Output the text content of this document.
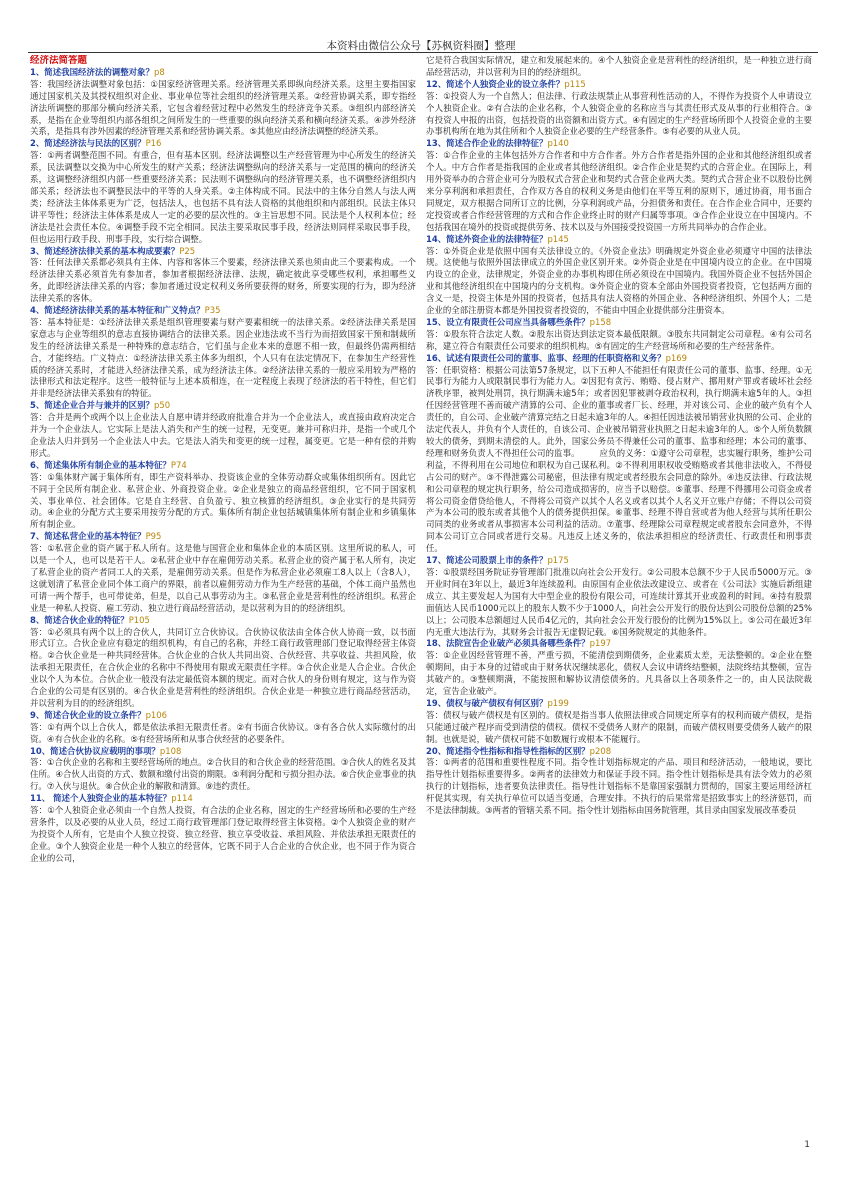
本资料由微信公众号【苏枫资料圈】整理
经济法简答题
1、简述我国经济法的调整对象？p8
答：我国经济法调整对象包括：①国家经济管理关系。经济管理关系即纵向经济关系。这里主要指国家通过国家机关及其授权组织对企业、事业单位等社会组织的经济管理关系。②经营协调关系，即专指经济法所调整的那部分横向经济关系，它包含着经营过程中必然发生的经济竞争关系。③组织内部经济关系，是指在企业等组织内部各组织之间所发生的一些重要的纵向经济关系和横向经济关系。④涉外经济关系，是指具有涉外因素的经济管理关系和经营协调关系。⑤其他应由经济法调整的经济关系。
2、简述经济法与民法的区别？P16
答：①两者调整范围不同。有重合，但有基本区别。经济法调整以生产经营管理为中心所发生的经济关系，民法调整以交换为中心所发生的财产关系；经济法调整纵向的经济关系与一定范围的横向的经济关系，这调整经济组织内部一些重要经济关系；民法则不调整纵向的经济管理关系，也不调整经济组织内部关系；经济法也不调整民法中的平等的人身关系。②主体构成不同。民法中的主体分自然人与法人两类；经济法主体体系更为广泛，包括法人，也包括不具有法人资格的其他组织和内部组织。民法主体只讲平等性；经济法主体体系是成人一定的必要的层次性的。③主旨思想不同。民法是个人权利本位；经济法是社会责任本位。④调整手段不完全相同。民法主要采取民事手段，经济法则同样采取民事手段，但也运用行政手段、刑事手段，实行综合调整。
3、简述经济法律关系的基本构成要素？P25
答：任何法律关系都必须具有主体、内容和客体三个要素，经济法律关系也须由此三个要素构成。一个经济法律关系必须首先有参加者，参加者根据经济法律、法规，确定彼此享受哪些权利，承担哪些义务，此即经济法律关系的内容；参加者通过设定权利义务所要获得的财务，所要实现的行为，即为经济法律关系的客体。
4、简述经济法律关系的基本特征和广义特点？P35
答：基本特征是：①经济法律关系是组织管理要素与财产要素相统一的法律关系。②经济法律关系是国家意志与企业等组织的意志直接协调结合的法律关系。因企业违法或不当行为而招致国家干预和制裁所发生的经济法律关系是一种特殊的意志结合，它们虽与企业本来的意愿不相一致，但最终仍需两相结合，才能终结。广义特点：①经济法律关系主体多为组织，个人只有在法定情况下，在参加生产经营性质的经济关系时，才能进入经济法律关系，成为经济法主体。②经济法律关系的一般应采用较为严格的法律形式和法定程序。这些一般特征与上述本质相连，在一定程度上表现了经济法的若干特性，但它们并非是经济法律关系独有的特征。
5、简述企业合并与兼并的区别？p50
答：合并是两个或两个以上企业法人自愿申请并经政府批准合并为一个企业法人，或直接由政府决定合并为一个企业法人。它实际上是法人消失和产生的统一过程，无变更。兼并可称归并，是指一个或几个企业法人归并到另一个企业法人中去。它是法人消失和变更的统一过程，属变更。它是一种有偿的并购形式。
6、简述集体所有制企业的基本特征？P74
答：①集体财产属于集体所有，即生产资料举办、投资该企业的全体劳动群众或集体组织所有。因此它不同于全民所有制企业、私营企业、外商投资企业。②企业是独立的商品经营组织，它不同于国家机关、事业单位、社会团体。它是自主经营、自负盈亏、独立核算的经济组织。③企业实行的是共同劳动。④企业的分配方式主要采用按劳分配的方式。集体所有制企业包括城镇集体所有制企业和乡镇集体所有制企业。
7、简述私营企业的基本特征？P95
答：①私营企业的资产属于私人所有。这是他与国营企业和集体企业的本质区别。这里所说的私人，可以是一个人，也可以是若干人。②私营企业中存在雇佣劳动关系。私营企业的资产属于私人所有，决定了私营企业的资产者同工人的关系，是雇佣劳动关系。但是作为私营企业必须雇工8人以上（含8人），这就划清了私营企业同个体工商户的界限，前者以雇佣劳动力作为生产经营的基础，个体工商户虽然也可请一两个帮手，也可带徒弟，但是，以自己从事劳动为主。③私营企业是营利性的经济组织。私营企业是一种私人投资、雇工劳动、独立进行商品经营活动，是以营利为目的的经济组织。
8、简述合伙企业的特征？P105
答：①必须具有两个以上的合伙人，共同订立合伙协议。合伙协议依法由全体合伙人协商一致，以书面形式订立。合伙企业应有稳定的组织机构，有自己的名称，并经工商行政管理部门登记取得经营主体资格。②合伙企业是一种共同经营体。合伙企业的合伙人共同出资、合伙经营、共享收益、共担风险，依法承担无限责任，在合伙企业的名称中不得使用有限或无限责任字样。③合伙企业是人合企业。合伙企业以个人为本位。合伙企业一般没有法定最低资本额的规定。而对合伙人的身份则有规定，这与作为资合企业的公司是有区别的。④合伙企业是营利性的经济组织。合伙企业是一种独立进行商品经营活动，并以营利为目的的经济组织。
9、简述合伙企业的设立条件？p106
答：①有两个以上合伙人，都是依法承担无限责任者。②有书面合伙协议。③有各合伙人实际缴付的出资。④有合伙企业的名称。⑤有经营场所和从事合伙经营的必要条件。
10、简述合伙协议应载明的事项？p108
答：①合伙企业的名称和主要经营场所的地点。②合伙目的和合伙企业的经营范围。③合伙人的姓名及其住所。④合伙人出资的方式、数额和缴付出资的期限。⑤利润分配和亏损分担办法。⑥合伙企业事业的执行。⑦入伙与退伙。⑧合伙企业的解散和清算。⑨违约责任。
11、 简述个人独资企业的基本特征？p114
答：①个人独资企业必须由一个自然人投资，有合法的企业名称，固定的生产经营场所和必要的生产经营条件，以及必要的从业人员，经过工商行政管理部门登记取得经营主体资格。②个人独资企业的财产为投资个人所有，它是由个人独立投资、独立经营、独立享受收益、承担风险、并依法承担无限责任的企业。③个人独资企业是一种个人独立的经营体，它既不同于人合企业的合伙企业，也不同于作为资合企业的公司，
它是符合我国实际情况，建立和发展起来的。④个人独资企业是营利性的经济组织，是一种独立进行商品经营活动，并以营利为目的的经济组织。
12、简述个人独资企业的设立条件？p115
答：①投资人为一个自然人；但法律、行政法规禁止从事营利性活动的人，不得作为投资个人申请设立个人独资企业。②有合法的企业名称，个人独资企业的名称应当与其责任形式及从事的行业相符合。③有投资人申报的出资，包括投资的出资额和出资方式。④有固定的生产经营场所即个人投资企业的主要办事机构所在地为其住所和个人独资企业必要的生产经营条件。⑤有必要的从业人员。
13、简述合作企业的法律特征？p140
答：①合作企业的主体包括外方合作者和中方合作者。外方合作者是指外国的企业和其他经济组织或者个人。中方合作者是指我国的企业或者其他经济组织。②合作企业是契约式的合营企业。在国际上，利用外资举办的合营企业可分为股权式合营企业和契约式合营企业两大类。契约式合营企业不以股份比例来分享利润和承担责任，合作双方各自的权利义务是由他们在平等互利的原则下，通过协商，用书面合同规定，双方根据合同所订立的比例，分享利润或产品，分担债务和责任。在合作企业合同中，还要约定投资或者合作经营管理的方式和合作企业终止时的财产归属等事项。③合作企业设立在中国境内。不包括我国在境外的投资或提供劳务、技术以及与外国接受投资国一方所共同举办的合作企业。
14、简述外资企业的法律特征？p145
答：①外资企业是依照中国有关法律设立的。《外资企业法》明确规定外资企业必须遵守中国的法律法规。这使他与依照外国法律成立的外国企业区别开来。②外资企业是在中国境内设立的企业。在中国境内设立的企业，法律规定，外资企业的办事机构即住所必须设在中国境内。我国外资企业不包括外国企业和其他经济组织在中国境内的分支机构。③外资企业的资本全部由外国投资者投资，它包括两方面的含义一是，投资主体是外国的投资者，包括具有法人资格的外国企业、各种经济组织、外国个人；二是企业的全部注册资本都是外国投资者投资的，不能由中国企业提供部分注册资本。
15、设立有限责任公司应当具备哪些条件？p158
答：①股东符合法定人数。②股东出资达到法定资本最低限额。③股东共同制定公司章程。④有公司名称，建立符合有限责任公司要求的组织机构。⑤有固定的生产经营场所和必要的生产经营条件。
16、试述有限责任公司的董事、监事、经理的任职资格和义务？p169
答：任职资格：根据公司法第57条规定，以下五种人不能担任有限责任公司的董事、监事、经理。①无民事行为能力人或限制民事行为能力人。②因犯有贪污、贿赂、侵占财产、挪用财产罪或者破坏社会经济秩序罪，被判处刑罚，执行期满未逾5年；或者因犯罪被剥夺政治权利，执行期满未逾5年的人。③担任因经营管理不善而破产清算的公司、企业的董事或者厂长、经理，并对该公司、企业的破产负有个人责任的，自公司、企业破产清算完结之日起未逾3年的人。④担任因违法被吊销营业执照的公司、企业的法定代表人，并负有个人责任的，自该公司、企业被吊销营业执照之日起未逾3年的人。⑤个人所负数额较大的债务，到期未清偿的人。此外，国家公务员不得兼任公司的董事、监事和经理；本公司的董事、经理和财务负责人不得担任公司的监事。 　　应负的义务：①遵守公司章程，忠实履行职务，维护公司利益，不得利用在公司地位和职权为自己谋私利。②不得利用职权收受贿赂或者其他非法收入，不得侵占公司的财产。③不得泄露公司秘密，但法律有规定或者经股东会同意的除外。④违反法律、行政法规和公司章程的规定执行职务，给公司造成损害的，应当予以赔偿。⑤董事、经理不得挪用公司资金或者将公司资金借贷给他人，不得将公司资产以其个人名义或者以其个人名义开立账户存储；不得以公司资产为本公司的股东或者其他个人的债务提供担保。⑥董事、经理不得自营或者为他人经营与其所任职公司同类的业务或者从事损害本公司利益的活动。⑦董事、经理除公司章程规定或者股东会同意外，不得同本公司订立合同或者进行交易。凡违反上述义务的，依法承担相应的经济责任、行政责任和刑事责任。
17、简述公司股票上市的条件？p175
答：①股票经国务院证券管理部门批准以向社会公开发行。②公司股本总额不少于人民币5000万元。③开业时间在3年以上，最近3年连续盈利。由原国有企业依法改建设立、或者在《公司法》实施后新组建成立、其主要发起人为国有大中型企业的股份有限公司，可连续计算其开业或盈利的时间。④持有股票面值达人民币1000元以上的股东人数不少于1000人，向社会公开发行的股份达到公司股份总额的25%以上；公司股本总额超过人民币4亿元的，其向社会公开发行股份的比例为15%以上。⑤公司在最近3年内无重大违法行为，其财务会计报告无虚假记载。⑥国务院规定的其他条件。
18、法院宣告企业破产必须具备哪些条件？p197
答：①企业因经营管理不善，严重亏损，不能清偿到期债务，企业素质太差，无法整顿的。②企业在整顿期间，由于本身的过错或由于财务状况继续恶化，债权人会议申请终结整顿，法院终结其整顿，宣告其破产的。③整顿期满，不能按照和解协议清偿债务的。凡具备以上各项条件之一的，由人民法院裁定，宣告企业破产。
19、债权与破产债权有何区别？p199
答：债权与破产债权是有区别的。债权是指当事人依照法律或合同规定所享有的权利而破产债权，是指只能通过破产程序而受到清偿的债权。债权不受债务人财产的限制，而破产债权则要受债务人破产的限制。也就是说，破产债权可能不如数履行或根本不能履行。
20、简述指令性指标和指导性指标的区别？p208
答：①两者的范围和重要性程度不同。指令性计划指标规定的产品、项目和经济活动，一般地说，要比指导性计划指标重要得多。②两者的法律效力和保证手段不同。指令性计划指标是具有法令效力的必须执行的计划指标，违者要负法律责任。指导性计划指标不是靠国家强制力贯彻的，国家主要运用经济杠杆促其实现，有关执行单位可以适当变通，合理安排。不执行的后果常常是招致事实上的经济惩罚，而不是法律制裁。③两者的管辖关系不同。指令性计划指标由国务院管理，其目录由国家发展改革委员
1
